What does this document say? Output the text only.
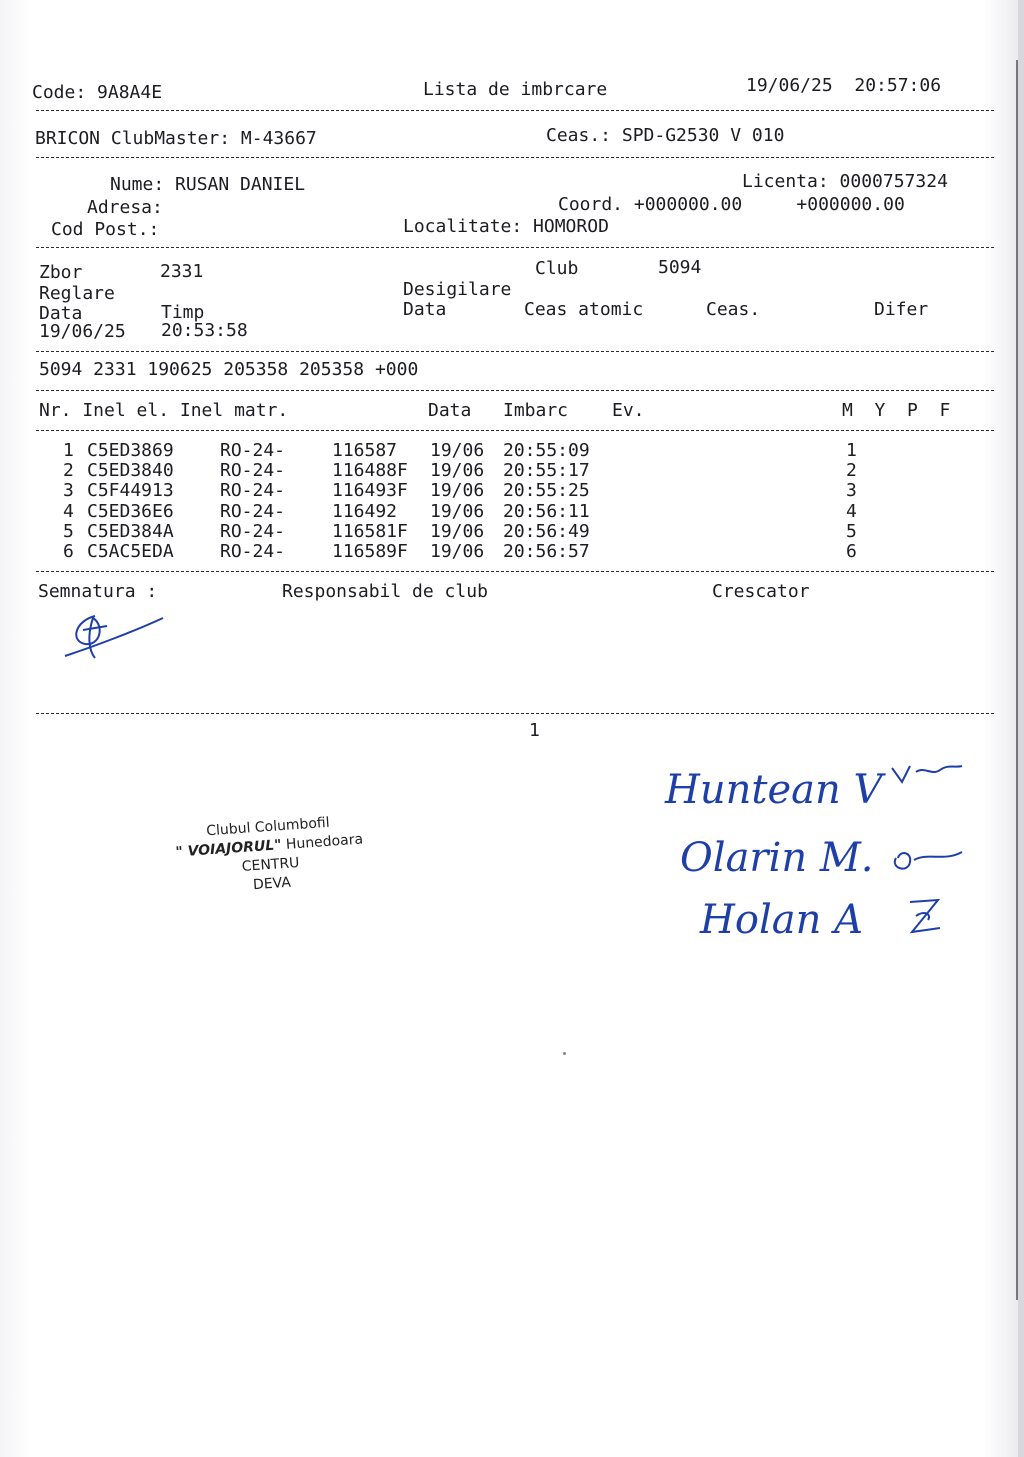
Code: 9A8A4E	Lista de imbrcare	19/06/25  20:57:06
BRICON ClubMaster: M-43667	Ceas.: SPD-G2530 V 010
Nume: RUSAN DANIEL	Licenta: 0000757324
Adresa:	Coord. +000000.00     +000000.00
Cod Post.:	Localitate: HOMOROD
Zbor	2331	Club	5094
Reglare	Desigilare
Data	Timp	Data	Ceas atomic	Ceas.	Difer
19/06/25 20:53:58
5094 2331 190625 205358 205358 +000
Nr. Inel el. Inel matr.	Data Imbarc Ev.	M  Y  P  F
1 C5ED3869	RO-24-	116587 19/06 20:55:09	1
2 C5ED3840	RO-24-	116488F 19/06 20:55:17	2
3 C5F44913	RO-24-	116493F 19/06 20:55:25	3
4 C5ED36E6	RO-24-	116492 19/06 20:56:11	4
5 C5ED384A	RO-24-	116581F 19/06 20:56:49	5
6 C5AC5EDA	RO-24-	116589F 19/06 20:56:57	6
Semnatura :	Responsabil de club	Crescator
1
Clubul Columbofil
" VOIAJORUL" Hunedoara
CENTRU
DEVA
Huntean V
Olarin M.
Holan A
